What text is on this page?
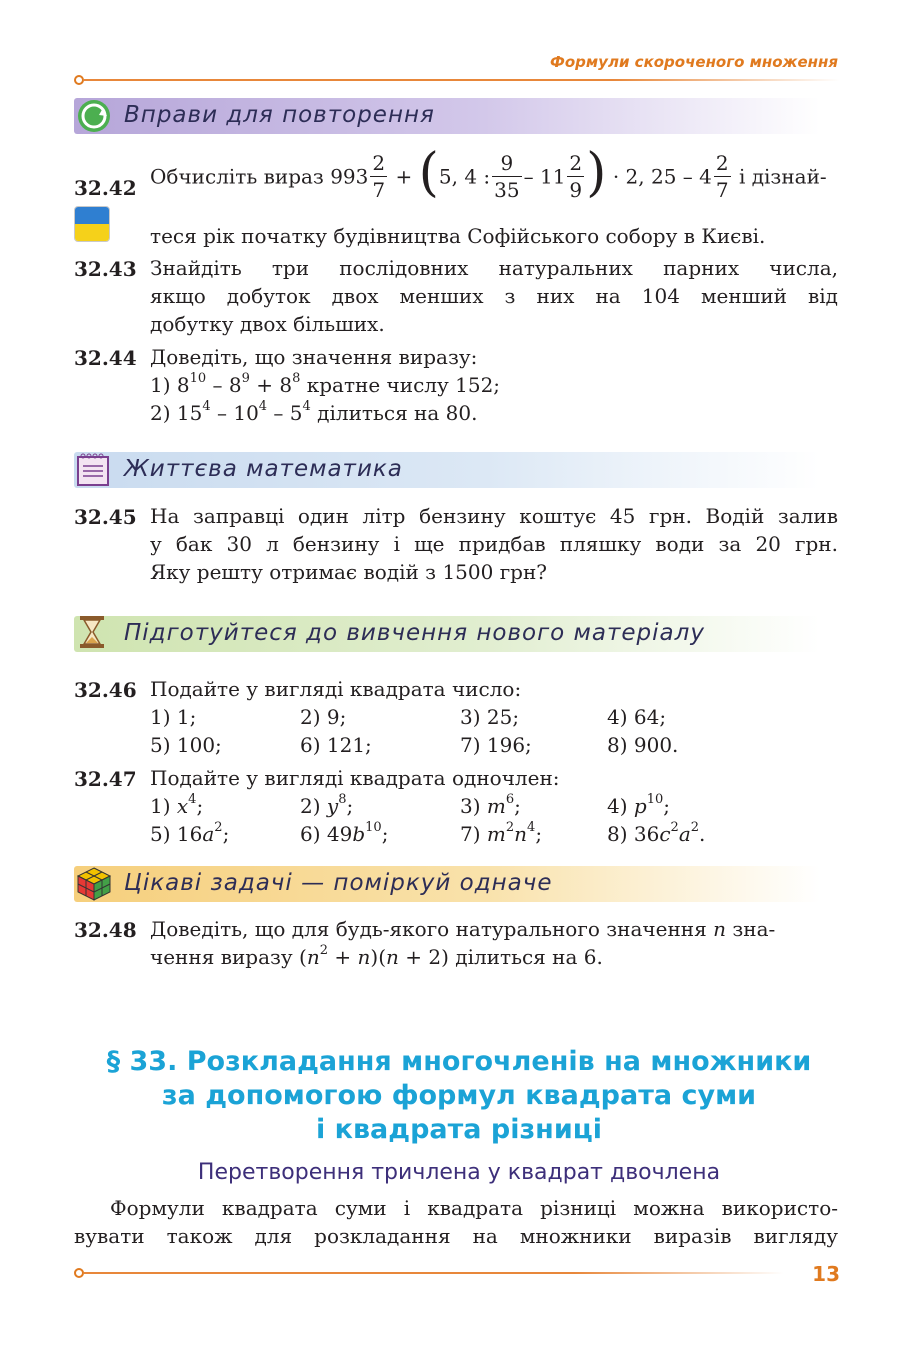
Формули скороченого множення
Вправи для повторення
32.42 Обчисліть вираз $993 \frac{2}{7} + (5$, 4 : $\frac{9}{35} - 11 \frac{2}{9}$ ) · 2, $25 - 4 \frac{2}{7}$ і дізнай-
теся рік початку будівництва Софійського собору в Києві.
32.43 Знайдіть три послідовних натуральних парних числа,
якщо добуток двох менших з них на 104 менший від
добутку двох більших.
32.44 Доведіть, що значення виразу:
1) $8^{10} - 8^9 + 8^8$ кратне числу 152;
2) $15^4 - 10^4 - 5^4$ ділиться на 80.
Життєва математика
32.45 На заправці один літр бензину коштує 45 грн. Водій залив
у бак 30 л бензину і ще придбав пляшку води за 20 грн.
Яку решту отримає водій з 1500 грн?
Підготуйтеся до вивчення нового матеріалу
32.46 Подайте у вигляді квадрата число:
1) 1;	2) 9;	3) 25;	4) 64;
5) 100;	6) 121;	7) 196;	8) 900.
32.47 Подайте у вигляді квадрата одночлен:
1) $x^4$;	2) $y^8$;	3) $m^6$;	4) $p^{10}$;
5) $16a^2$;	6) $49b^{10}$;	7) $m^2n^4$;	8) $36c^2a^2$.
Цікаві задачі — поміркуй одначе
32.48 Доведіть, що для будь-якого натурального значення n зна-
чення виразу $(n^2 + n)(n + 2)$ ділиться на 6.
§ 33. Розкладання многочленів на множники
за допомогою формул квадрата суми
і квадрата різниці
Перетворення тричлена у квадрат двочлена
Формули квадрата суми і квадрата різниці можна використо-
вувати також для розкладання на множники виразів вигляду
13
